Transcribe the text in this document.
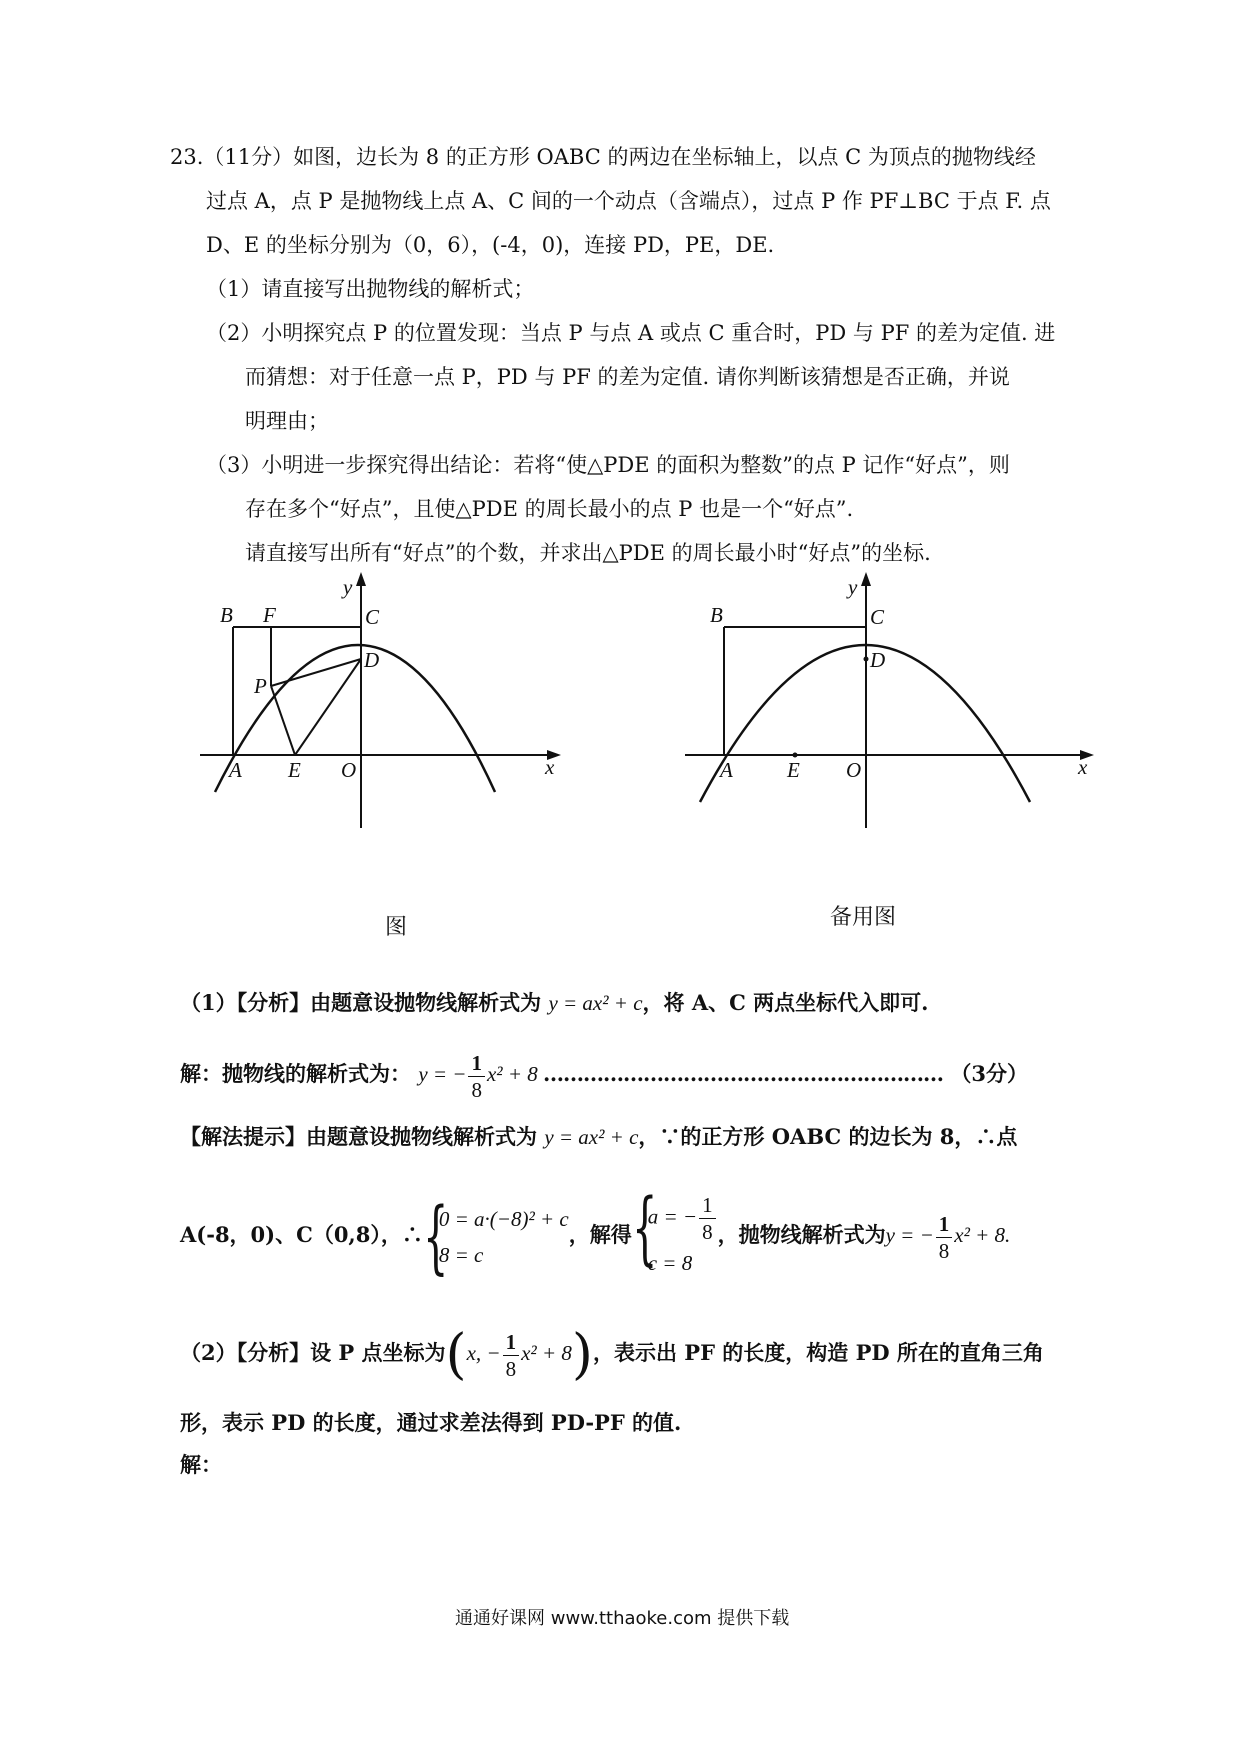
23.（11分）如图，边长为 8 的正方形 OABC 的两边在坐标轴上，以点 C 为顶点的抛物线经
过点 A，点 P 是抛物线上点 A、C 间的一个动点（含端点），过点 P 作 PF⊥BC 于点 F. 点
D、E 的坐标分别为（0，6），(-4，0)，连接 PD，PE，DE.
（1）请直接写出抛物线的解析式；
（2）小明探究点 P 的位置发现：当点 P 与点 A 或点 C 重合时，PD 与 PF 的差为定值. 进
而猜想：对于任意一点 P，PD 与 PF 的差为定值. 请你判断该猜想是否正确，并说
明理由；
（3）小明进一步探究得出结论：若将“使△PDE 的面积为整数”的点 P 记作“好点”，则
存在多个“好点”，且使△PDE 的周长最小的点 P 也是一个“好点”.
请直接写出所有“好点”的个数，并求出△PDE 的周长最小时“好点”的坐标.
B F	C
D
P
A E O	x
y
图
B	C
D
A	E O	x
y
备用图
（1）【分析】由题意设抛物线解析式为 y = ax² + c，将 A、C 两点坐标代入即可.
解：抛物线的解析式为： y = − $\frac{1}{8} x^2 + 8$ …………………………………………………… （3分）
【解法提示】由题意设抛物线解析式为 y = ax² + c，∵的正方形 OABC 的边长为 8，∴点
A(-8，0)、C（0,8），∴ {
0 = a·(−8)² + c
8 = c
，解得 {
a = − $\frac{1}{8}$
c = 8
，抛物线解析式为y = − $\frac{1}{8} x^2 + 8$.
（2）【分析】设 P 点坐标为(x, − $\frac{1}{8} x^2 + 8$)，表示出 PF 的长度，构造 PD 所在的直角三角
形，表示 PD 的长度，通过求差法得到 PD-PF 的值.
解：
通通好课网 www.tthaoke.com 提供下载
